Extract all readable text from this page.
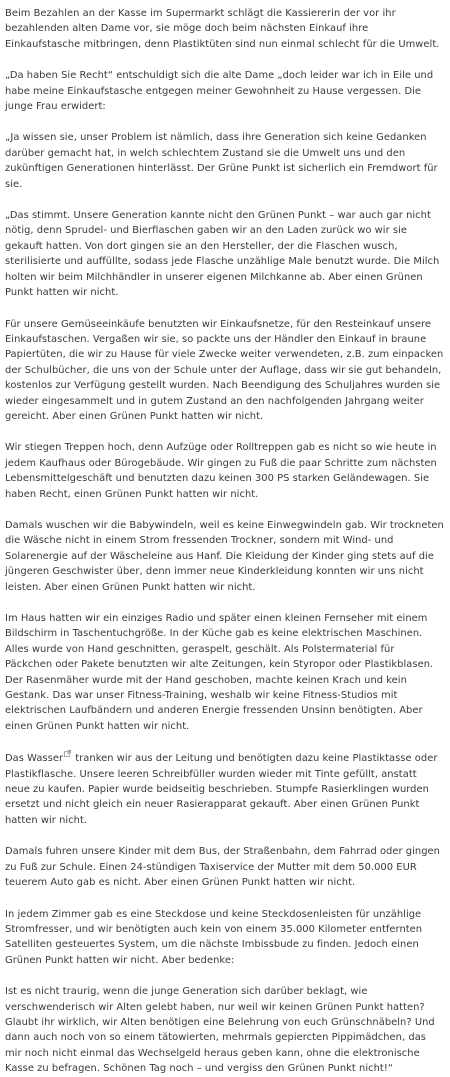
Beim Bezahlen an der Kasse im Supermarkt schlägt die Kassiererin der vor ihr bezahlenden alten Dame vor, sie möge doch beim nächsten Einkauf ihre Einkaufstasche mitbringen, denn Plastiktüten sind nun einmal schlecht für die Umwelt.

„Da haben Sie Recht“ entschuldigt sich die alte Dame „doch leider war ich in Eile und habe meine Einkaufstasche entgegen meiner Gewohnheit zu Hause vergessen. Die junge Frau erwidert:

„Ja wissen sie, unser Problem ist nämlich, dass ihre Generation sich keine Gedanken darüber gemacht hat, in welch schlechtem Zustand sie die Umwelt uns und den zukünftigen Generationen hinterlässt. Der Grüne Punkt ist sicherlich ein Fremdwort für sie.

„Das stimmt. Unsere Generation kannte nicht den Grünen Punkt – war auch gar nicht nötig, denn Sprudel- und Bierflaschen gaben wir an den Laden zurück wo wir sie gekauft hatten. Von dort gingen sie an den Hersteller, der die Flaschen wusch, sterilisierte und auffüllte, sodass jede Flasche unzählige Male benutzt wurde. Die Milch holten wir beim Milchhändler in unserer eigenen Milchkanne ab. Aber einen Grünen Punkt hatten wir nicht.

Für unsere Gemüseeinkäufe benutzten wir Einkaufsnetze, für den Resteinkauf unsere Einkaufstaschen. Vergaßen wir sie, so packte uns der Händler den Einkauf in braune Papiertüten, die wir zu Hause für viele Zwecke weiter verwendeten, z.B. zum einpacken der Schulbücher, die uns von der Schule unter der Auflage, dass wir sie gut behandeln, kostenlos zur Verfügung gestellt wurden. Nach Beendigung des Schuljahres wurden sie wieder eingesammelt und in gutem Zustand an den nachfolgenden Jahrgang weiter gereicht. Aber einen Grünen Punkt hatten wir nicht.

Wir stiegen Treppen hoch, denn Aufzüge oder Rolltreppen gab es nicht so wie heute in jedem Kaufhaus oder Bürogebäude. Wir gingen zu Fuß die paar Schritte zum nächsten Lebensmittelgeschäft und benutzten dazu keinen 300 PS starken Geländewagen. Sie haben Recht, einen Grünen Punkt hatten wir nicht.

Damals wuschen wir die Babywindeln, weil es keine Einwegwindeln gab. Wir trockneten die Wäsche nicht in einem Strom fressenden Trockner, sondern mit Wind- und Solarenergie auf der Wäscheleine aus Hanf. Die Kleidung der Kinder ging stets auf die jüngeren Geschwister über, denn immer neue Kinderkleidung konnten wir uns nicht leisten. Aber einen Grünen Punkt hatten wir nicht.

Im Haus hatten wir ein einziges Radio und später einen kleinen Fernseher mit einem Bildschirm in Taschentuchgröße. In der Küche gab es keine elektrischen Maschinen. Alles wurde von Hand geschnitten, geraspelt, geschält. Als Polstermaterial für Päckchen oder Pakete benutzten wir alte Zeitungen, kein Styropor oder Plastikblasen. Der Rasenmäher wurde mit der Hand geschoben, machte keinen Krach und kein Gestank. Das war unser Fitness-Training, weshalb wir keine Fitness-Studios mit elektrischen Laufbändern und anderen Energie fressenden Unsinn benötigten. Aber einen Grünen Punkt hatten wir nicht.

Das Wasser tranken wir aus der Leitung und benötigten dazu keine Plastiktasse oder Plastikflasche. Unsere leeren Schreibfüller wurden wieder mit Tinte gefüllt, anstatt neue zu kaufen. Papier wurde beidseitig beschrieben. Stumpfe Rasierklingen wurden ersetzt und nicht gleich ein neuer Rasierapparat gekauft. Aber einen Grünen Punkt hatten wir nicht.

Damals fuhren unsere Kinder mit dem Bus, der Straßenbahn, dem Fahrrad oder gingen zu Fuß zur Schule. Einen 24-stündigen Taxiservice der Mutter mit dem 50.000 EUR teuerem Auto gab es nicht. Aber einen Grünen Punkt hatten wir nicht.

In jedem Zimmer gab es eine Steckdose und keine Steckdosenleisten für unzählige Stromfresser, und wir benötigten auch kein von einem 35.000 Kilometer entfernten Satelliten gesteuertes System, um die nächste Imbissbude zu finden. Jedoch einen Grünen Punkt hatten wir nicht. Aber bedenke:

Ist es nicht traurig, wenn die junge Generation sich darüber beklagt, wie verschwenderisch wir Alten gelebt haben, nur weil wir keinen Grünen Punkt hatten? Glaubt ihr wirklich, wir Alten benötigen eine Belehrung von euch Grünschnäbeln? Und dann auch noch von so einem tätowierten, mehrmals gepiercten Pippimädchen, das mir noch nicht einmal das Wechselgeld heraus geben kann, ohne die elektronische Kasse zu befragen. Schönen Tag noch – und vergiss den Grünen Punkt nicht!“
